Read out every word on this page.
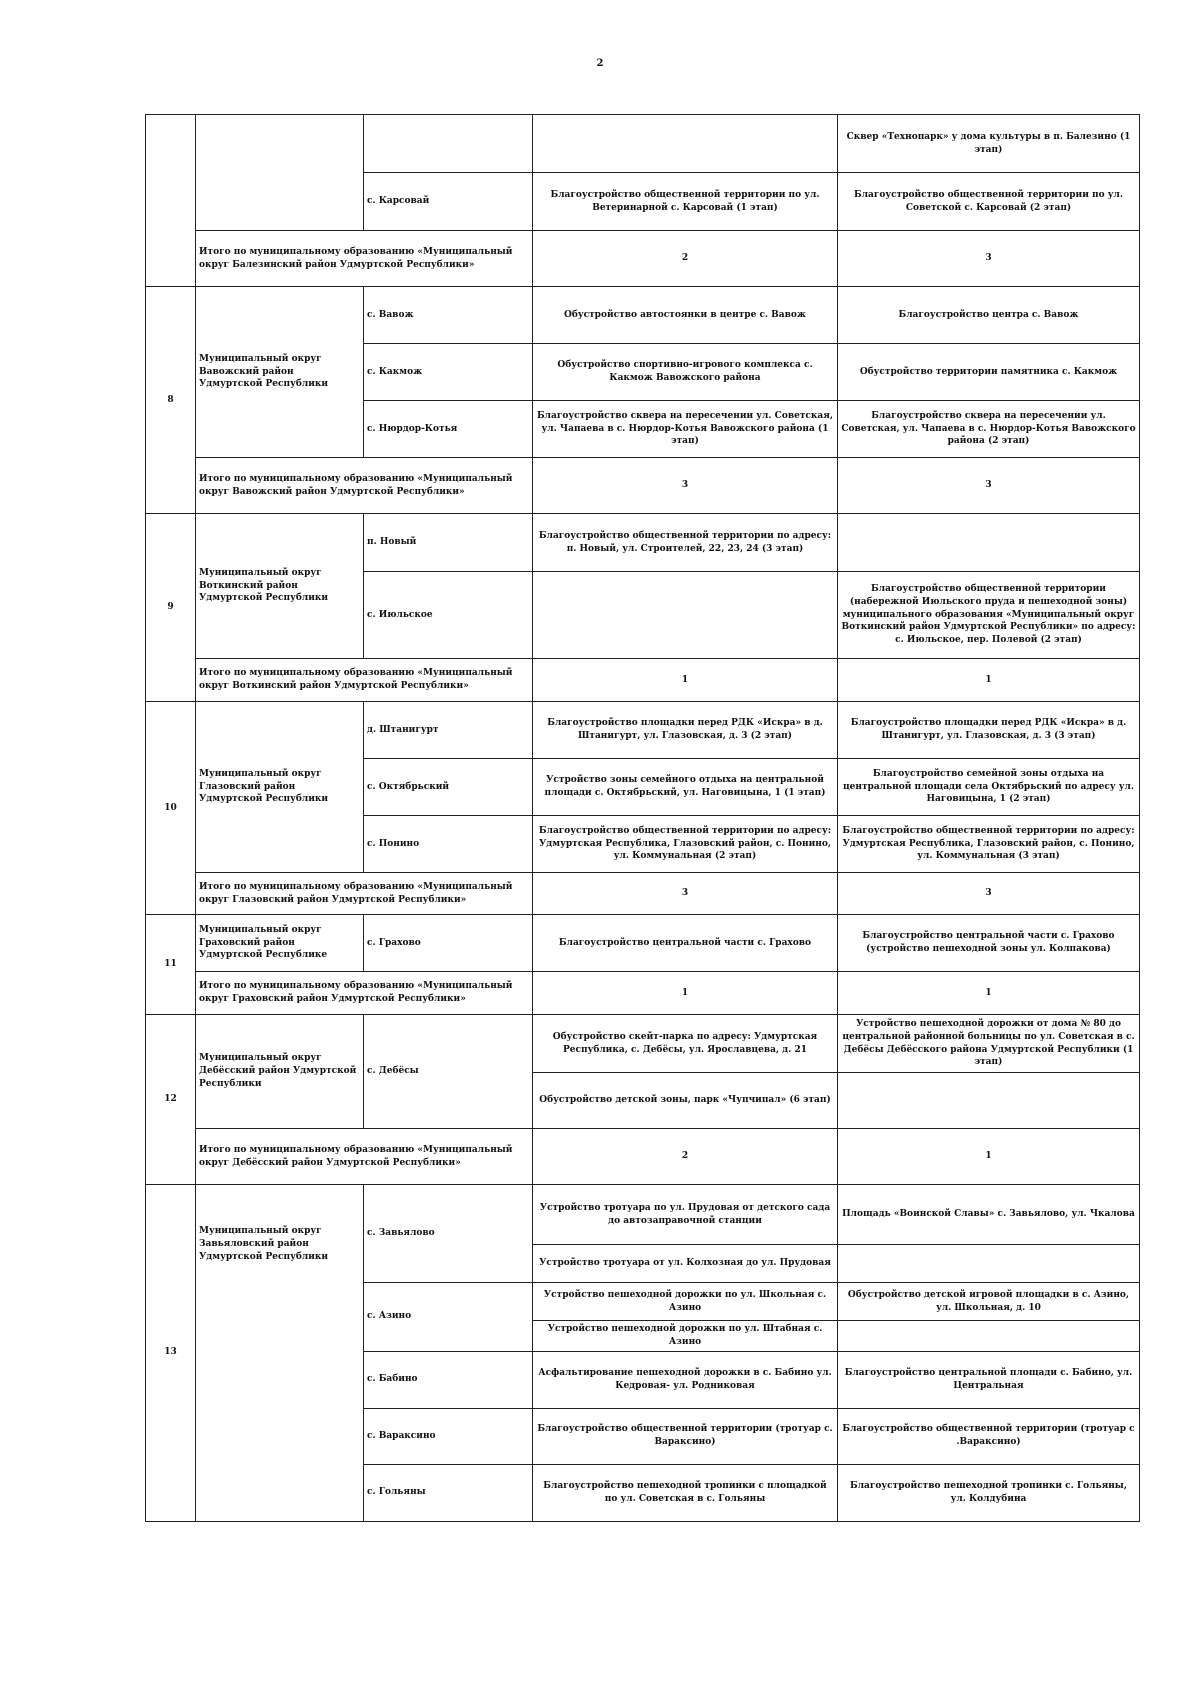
2
				Сквер «Технопарк» у дома культуры в п. Балезино (1 этап)
		с. Карсовай	Благоустройство общественной территории по ул. Ветеринарной с. Карсовай (1 этап)	Благоустройство общественной территории по ул. Советской с. Карсовай (2 этап)
	Итого по муниципальному образованию «Муниципальный округ Балезинский район Удмуртской Республики»		2	3
8	Муниципальный округ Вавожский район Удмуртской Республики	с. Вавож	Обустройство автостоянки в центре с. Вавож	Благоустройство центра с. Вавож
		с. Какмож	Обустройство спортивно-игрового комплекса с. Какмож Вавожского района	Обустройство территории памятника с. Какмож
		с. Нюрдор-Котья	Благоустройство сквера на пересечении ул. Советская, ул. Чапаева в с. Нюрдор-Котья Вавожского района (1 этап)	Благоустройство сквера на пересечении ул. Советская, ул. Чапаева в с. Нюрдор-Котья Вавожского района (2 этап)
	Итого по муниципальному образованию «Муниципальный округ Вавожский район Удмуртской Республики»		3	3
9	Муниципальный округ Воткинский район Удмуртской Республики	п. Новый	Благоустройство общественной территории по адресу: п. Новый, ул. Строителей, 22, 23, 24 (3 этап)	
		с. Июльское		Благоустройство общественной территории (набережной Июльского пруда и пешеходной зоны) муниципального образования «Муниципальный округ Воткинский район Удмуртской Республики» по адресу: с. Июльское, пер. Полевой (2 этап)
	Итого по муниципальному образованию «Муниципальный округ Воткинский район Удмуртской Республики»		1	1
10	Муниципальный округ Глазовский район Удмуртской Республики	д. Штанигурт	Благоустройство площадки перед РДК «Искра» в д. Штанигурт, ул. Глазовская, д. 3 (2 этап)	Благоустройство площадки перед РДК «Искра» в д. Штанигурт, ул. Глазовская, д. 3 (3 этап)
		с. Октябрьский	Устройство зоны семейного отдыха на центральной площади с. Октябрьский, ул. Наговицына, 1 (1 этап)	Благоустройство семейной зоны отдыха на центральной площади села Октябрьский по адресу ул. Наговицына, 1 (2 этап)
		с. Понино	Благоустройство общественной территории по адресу: Удмуртская Республика, Глазовский район, с. Понино, ул. Коммунальная (2 этап)	Благоустройство общественной территории по адресу: Удмуртская Республика, Глазовский район, с. Понино, ул. Коммунальная (3 этап)
	Итого по муниципальному образованию «Муниципальный округ Глазовский район Удмуртской Республики»		3	3
11	Муниципальный округ Граховский район Удмуртской Республике	с. Грахово	Благоустройство центральной части с. Грахово	Благоустройство центральной части с. Грахово (устройство пешеходной зоны ул. Колпакова)
	Итого по муниципальному образованию «Муниципальный округ Граховский район Удмуртской Республики»		1	1
12	Муниципальный округ Дебёсский район Удмуртской Республики	с. Дебёсы	Обустройство скейт-парка по адресу: Удмуртская Республика, с. Дебёсы, ул. Ярославцева, д. 21	Устройство пешеходной дорожки от дома № 80 до центральной районной больницы по ул. Советская в с. Дебёсы Дебёсского района Удмуртской Республики (1 этап)
			Обустройство детской зоны, парк «Чупчипал» (6 этап)	
	Итого по муниципальному образованию «Муниципальный округ Дебёсский район Удмуртской Республики»		2	1
13	Муниципальный округ Завьяловский район Удмуртской Республики	с. Завьялово	Устройство тротуара по ул. Прудовая от детского сада до автозаправочной станции	Площадь «Воинской Славы» с. Завьялово, ул. Чкалова
			Устройство тротуара от ул. Колхозная до ул. Прудовая	
		с. Азино	Устройство пешеходной дорожки по ул. Школьная с. Азино	Обустройство детской игровой площадки в с. Азино, ул. Школьная, д. 10
			Устройство пешеходной дорожки по ул. Штабная с. Азино	
		с. Бабино	Асфальтирование пешеходной дорожки в с. Бабино ул. Кедровая- ул. Родниковая	Благоустройство центральной площади с. Бабино, ул. Центральная
		с. Вараксино	Благоустройство общественной территории (тротуар с. Вараксино)	Благоустройство общественной территории (тротуар с .Вараксино)
		с. Гольяны	Благоустройство пешеходной тропинки с площадкой по ул. Советская в с. Гольяны	Благоустройство пешеходной тропинки с. Гольяны, ул. Колдубина
